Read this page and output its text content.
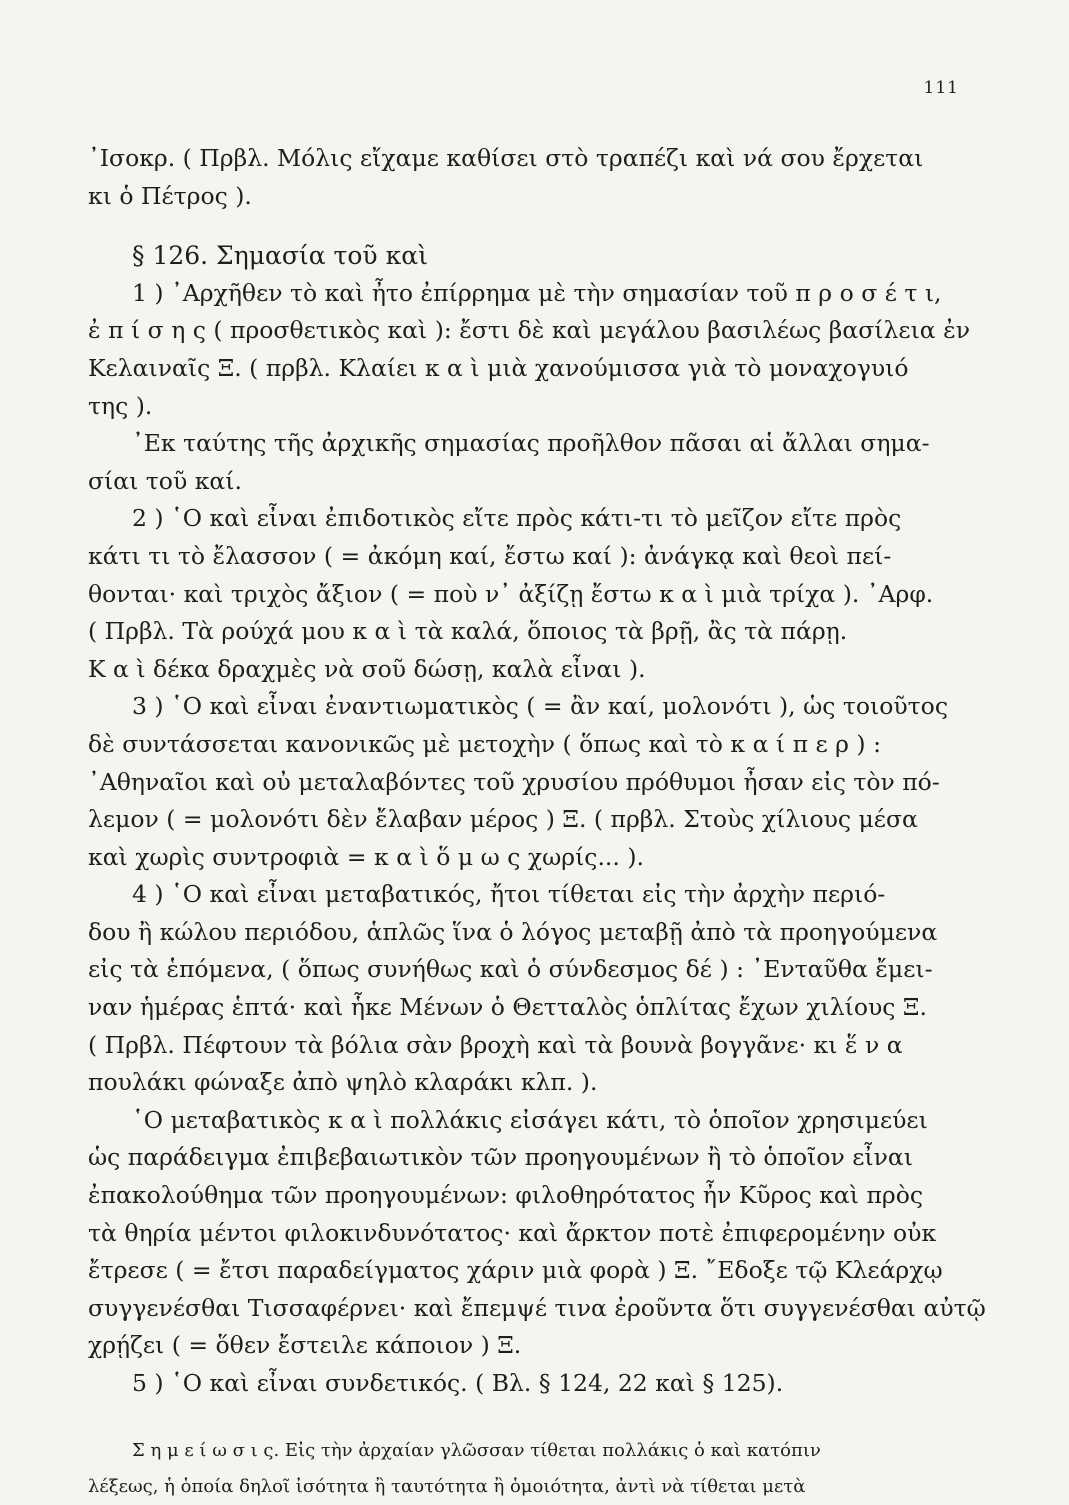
111

᾿Ισοκρ. ( Πρβλ. Μόλις εἴχαμε καθίσει στὸ τραπέζι καὶ νά σου ἔρχεται

κι ὁ Πέτρος ).

§ 126. Σημασία τοῦ καὶ

1 ) ᾿Αρχῆθεν τὸ καὶ ἦτο ἐπίρρημα μὲ τὴν σημασίαν τοῦ π ρ ο σ έ τ ι,

ἐ π ί σ η ς ( προσθετικὸς καὶ ): ἔστι δὲ καὶ μεγάλου βασιλέως βασίλεια ἐν

Κελαιναῖς Ξ. ( πρβλ. Κλαίει κ α ὶ μιὰ χανούμισσα γιὰ τὸ μοναχογυιό

της ).

᾿Εκ ταύτης τῆς ἀρχικῆς σημασίας προῆλθον πᾶσαι αἱ ἄλλαι σημα-

σίαι τοῦ καί.

2 ) ῾Ο καὶ εἶναι ἐπιδοτικὸς εἴτε πρὸς κάτι-τι τὸ μεῖζον εἴτε πρὸς

κάτι τι τὸ ἔλασσον ( = ἀκόμη καί, ἔστω καί ): ἀνάγκᾳ καὶ θεοὶ πεί-

θονται· καὶ τριχὸς ἄξιον ( = ποὺ ν᾿ ἀξίζῃ ἔστω κ α ὶ μιὰ τρίχα ). ᾿Αρφ.

( Πρβλ. Τὰ ρούχά μου κ α ὶ τὰ καλά, ὅποιος τὰ βρῇ, ἂς τὰ πάρῃ.

Κ α ὶ δέκα δραχμὲς νὰ σοῦ δώσῃ, καλὰ εἶναι ).

3 ) ῾Ο καὶ εἶναι ἐναντιωματικὸς ( = ἂν καί, μολονότι ), ὡς τοιοῦτος

δὲ συντάσσεται κανονικῶς μὲ μετοχὴν ( ὅπως καὶ τὸ κ α ί π ε ρ ) :

᾿Αθηναῖοι καὶ οὐ μεταλαβόντες τοῦ χρυσίου πρόθυμοι ἦσαν εἰς τὸν πό-

λεμον ( = μολονότι δὲν ἔλαβαν μέρος ) Ξ. ( πρβλ. Στοὺς χίλιους μέσα

καὶ χωρὶς συντροφιὰ = κ α ὶ ὅ μ ω ς χωρίς... ).

4 ) ῾Ο καὶ εἶναι μεταβατικός, ἤτοι τίθεται εἰς τὴν ἀρχὴν περιό-

δου ἢ κώλου περιόδου, ἁπλῶς ἵνα ὁ λόγος μεταβῇ ἀπὸ τὰ προηγούμενα

εἰς τὰ ἑπόμενα, ( ὅπως συνήθως καὶ ὁ σύνδεσμος δέ ) : ᾿Ενταῦθα ἔμει-

ναν ἡμέρας ἑπτά· καὶ ἧκε Μένων ὁ Θετταλὸς ὁπλίτας ἔχων χιλίους Ξ.

( Πρβλ. Πέφτουν τὰ βόλια σὰν βροχὴ καὶ τὰ βουνὰ βογγᾶνε· κι ἕ ν α

πουλάκι φώναξε ἀπὸ ψηλὸ κλαράκι κλπ. ).

῾Ο μεταβατικὸς κ α ὶ πολλάκις εἰσάγει κάτι, τὸ ὁποῖον χρησιμεύει

ὡς παράδειγμα ἐπιβεβαιωτικὸν τῶν προηγουμένων ἢ τὸ ὁποῖον εἶναι

ἐπακολούθημα τῶν προηγουμένων: φιλοθηρότατος ἦν Κῦρος καὶ πρὸς

τὰ θηρία μέντοι φιλοκινδυνότατος· καὶ ἄρκτον ποτὲ ἐπιφερομένην οὐκ

ἔτρεσε ( = ἔτσι παραδείγματος χάριν μιὰ φορὰ ) Ξ. ῎Εδοξε τῷ Κλεάρχῳ

συγγενέσθαι Τισσαφέρνει· καὶ ἔπεμψέ τινα ἐροῦντα ὅτι συγγενέσθαι αὐτῷ

χρῄζει ( = ὅθεν ἔστειλε κάποιον ) Ξ.

5 ) ῾Ο καὶ εἶναι συνδετικός. ( Βλ. § 124, 22 καὶ § 125).

Σ η μ ε ί ω σ ι ς. Εἰς τὴν ἀρχαίαν γλῶσσαν τίθεται πολλάκις ὁ καὶ κατόπιν

λέξεως, ἡ ὁποία δηλοῖ ἰσότητα ἢ ταυτότητα ἢ ὁμοιότητα, ἀντὶ νὰ τίθεται μετὰ
